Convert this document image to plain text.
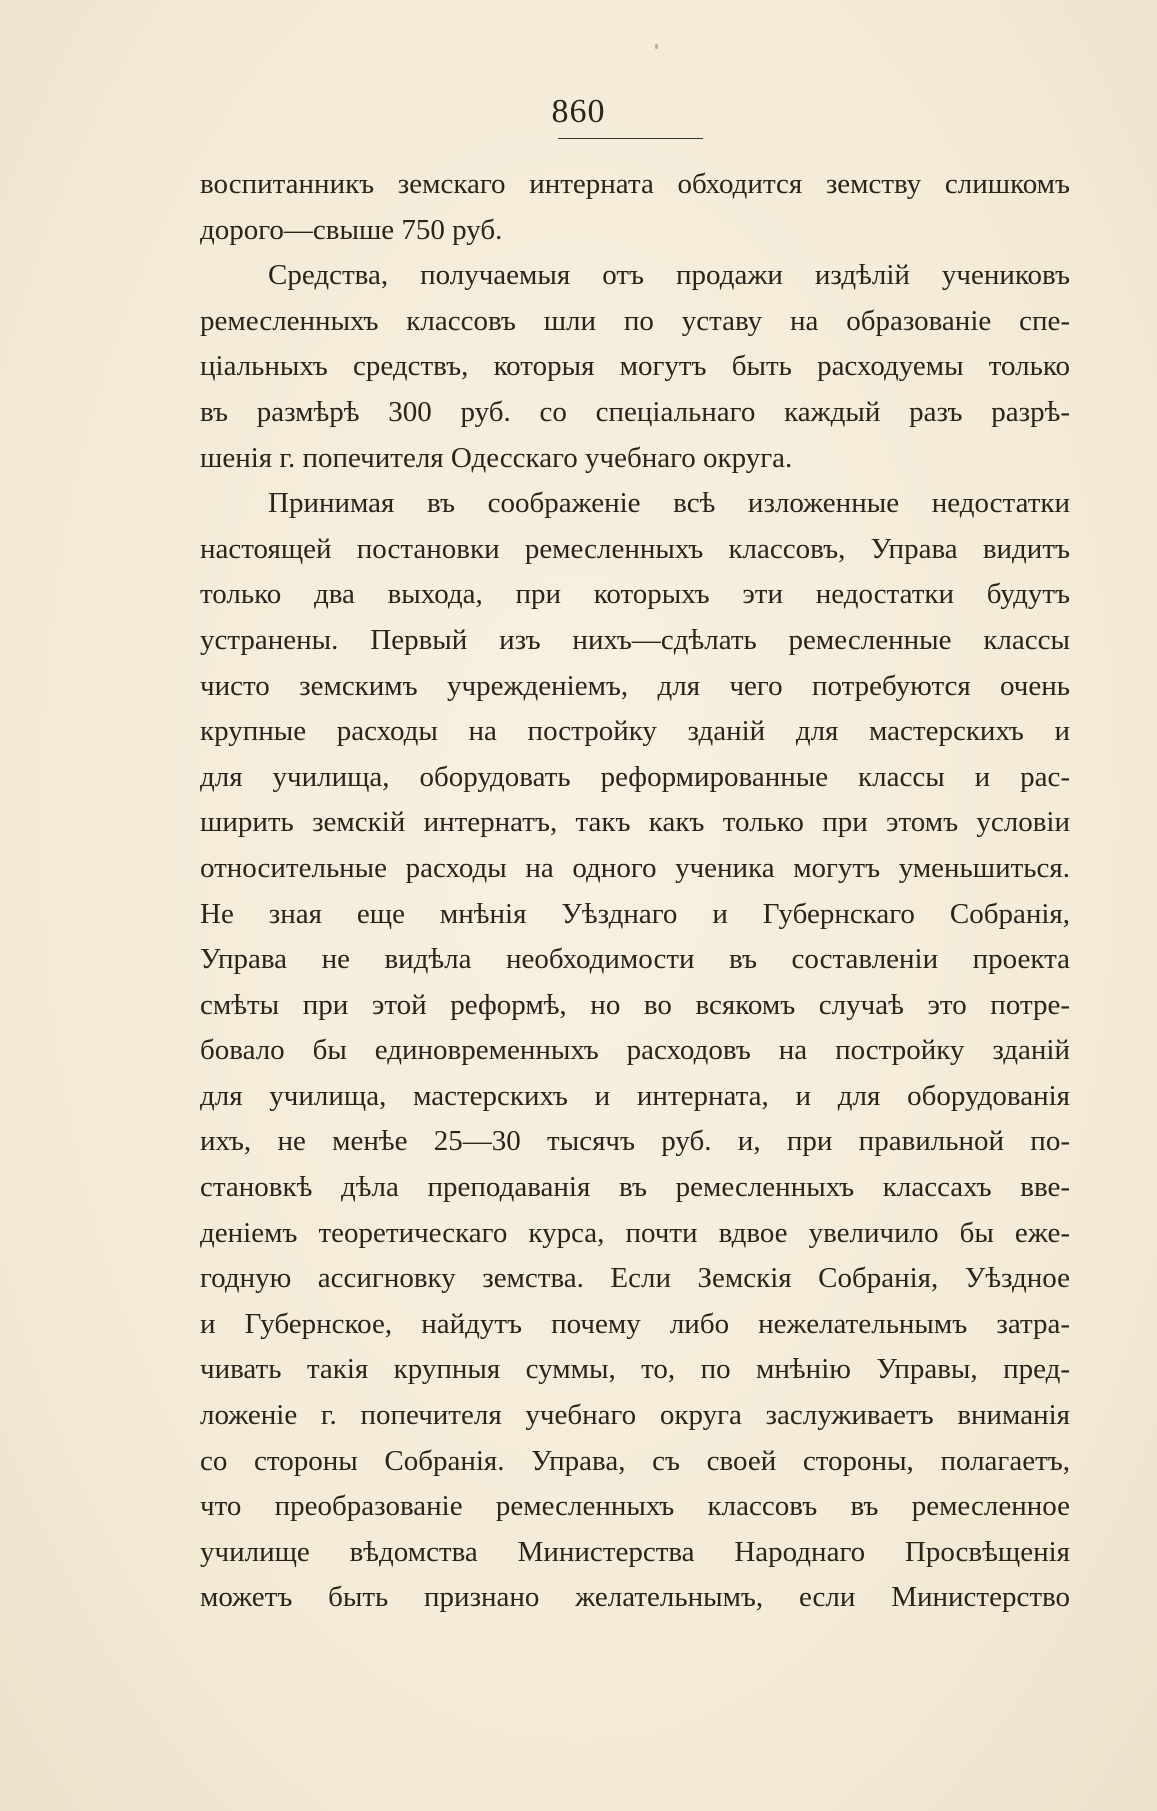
860
воспитанникъ земскаго интерната обходится земству слишкомъ
дорого—свыше 750 руб.
Средства, получаемыя отъ продажи издѣлій учениковъ
ремесленныхъ классовъ шли по уставу на образованіе спе-
ціальныхъ средствъ, которыя могутъ быть расходуемы только
въ размѣрѣ 300 руб. со спеціальнаго каждый разъ разрѣ-
шенія г. попечителя Одесскаго учебнаго округа.
Принимая въ соображеніе всѣ изложенные недостатки
настоящей постановки ремесленныхъ классовъ, Управа видитъ
только два выхода, при которыхъ эти недостатки будутъ
устранены. Первый изъ нихъ—сдѣлать ремесленные классы
чисто земскимъ учрежденіемъ, для чего потребуются очень
крупные расходы на постройку зданій для мастерскихъ и
для училища, оборудовать реформированные классы и рас-
ширить земскій интернатъ, такъ какъ только при этомъ условіи
относительные расходы на одного ученика могутъ уменьшиться.
Не зная еще мнѣнія Уѣзднаго и Губернскаго Собранія,
Управа не видѣла необходимости въ составленіи проекта
смѣты при этой реформѣ, но во всякомъ случаѣ это потре-
бовало бы единовременныхъ расходовъ на постройку зданій
для училища, мастерскихъ и интерната, и для оборудованія
ихъ, не менѣе 25—30 тысячъ руб. и, при правильной по-
становкѣ дѣла преподаванія въ ремесленныхъ классахъ вве-
деніемъ теоретическаго курса, почти вдвое увеличило бы еже-
годную ассигновку земства. Если Земскія Собранія, Уѣздное
и Губернское, найдутъ почему либо нежелательнымъ затра-
чивать такія крупныя суммы, то, по мнѣнію Управы, пред-
ложеніе г. попечителя учебнаго округа заслуживаетъ вниманія
со стороны Собранія. Управа, съ своей стороны, полагаетъ,
что преобразованіе ремесленныхъ классовъ въ ремесленное
училище вѣдомства Министерства Народнаго Просвѣщенія
можетъ быть признано желательнымъ, если Министерство
